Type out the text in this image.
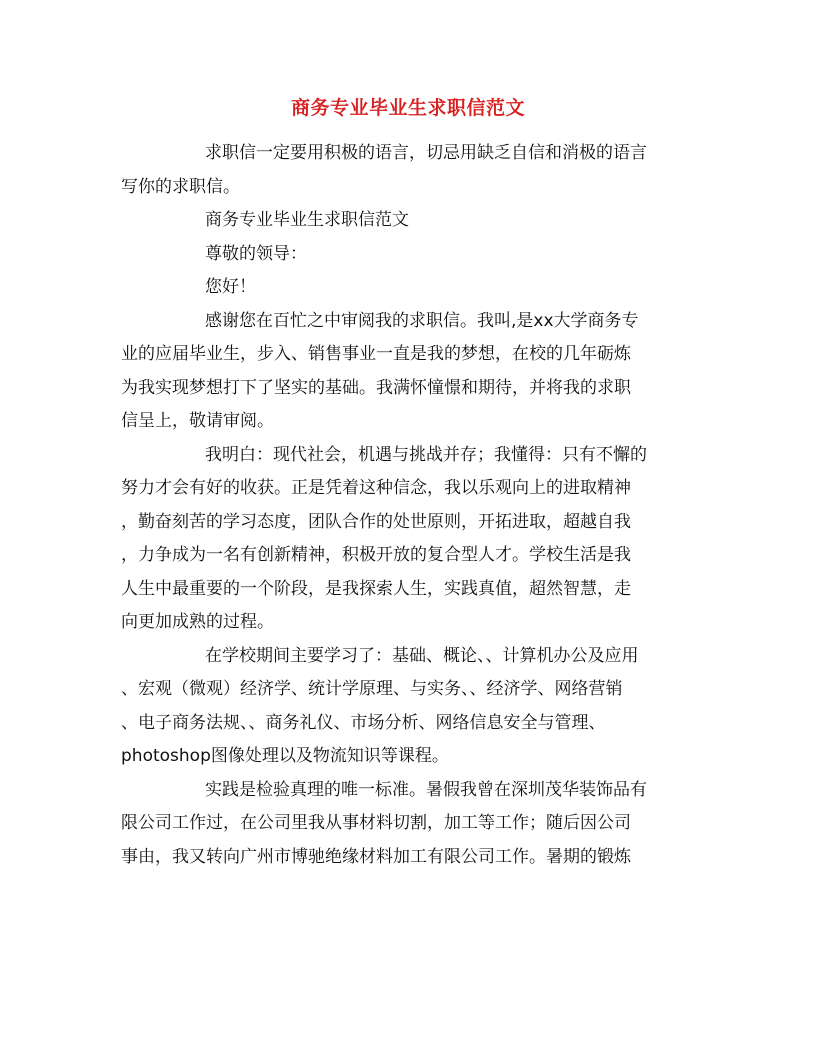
商务专业毕业生求职信范文
求职信一定要用积极的语言，切忌用缺乏自信和消极的语言
写你的求职信。
商务专业毕业生求职信范文
尊敬的领导：
您好！
感谢您在百忙之中审阅我的求职信。我叫,是xx大学商务专
业的应届毕业生，步入、销售事业一直是我的梦想，在校的几年砺炼
为我实现梦想打下了坚实的基础。我满怀憧憬和期待，并将我的求职
信呈上，敬请审阅。
我明白：现代社会，机遇与挑战并存；我懂得：只有不懈的
努力才会有好的收获。正是凭着这种信念，我以乐观向上的进取精神
，勤奋刻苦的学习态度，团队合作的处世原则，开拓进取，超越自我
，力争成为一名有创新精神，积极开放的复合型人才。学校生活是我
人生中最重要的一个阶段，是我探索人生，实践真值，超然智慧，走
向更加成熟的过程。
在学校期间主要学习了：基础、概论、、计算机办公及应用
、宏观（微观）经济学、统计学原理、与实务、、经济学、网络营销
、电子商务法规、、商务礼仪、市场分析、网络信息安全与管理、
photoshop图像处理以及物流知识等课程。
实践是检验真理的唯一标准。暑假我曾在深圳茂华装饰品有
限公司工作过，在公司里我从事材料切割，加工等工作；随后因公司
事由，我又转向广州市博驰绝缘材料加工有限公司工作。暑期的锻炼
